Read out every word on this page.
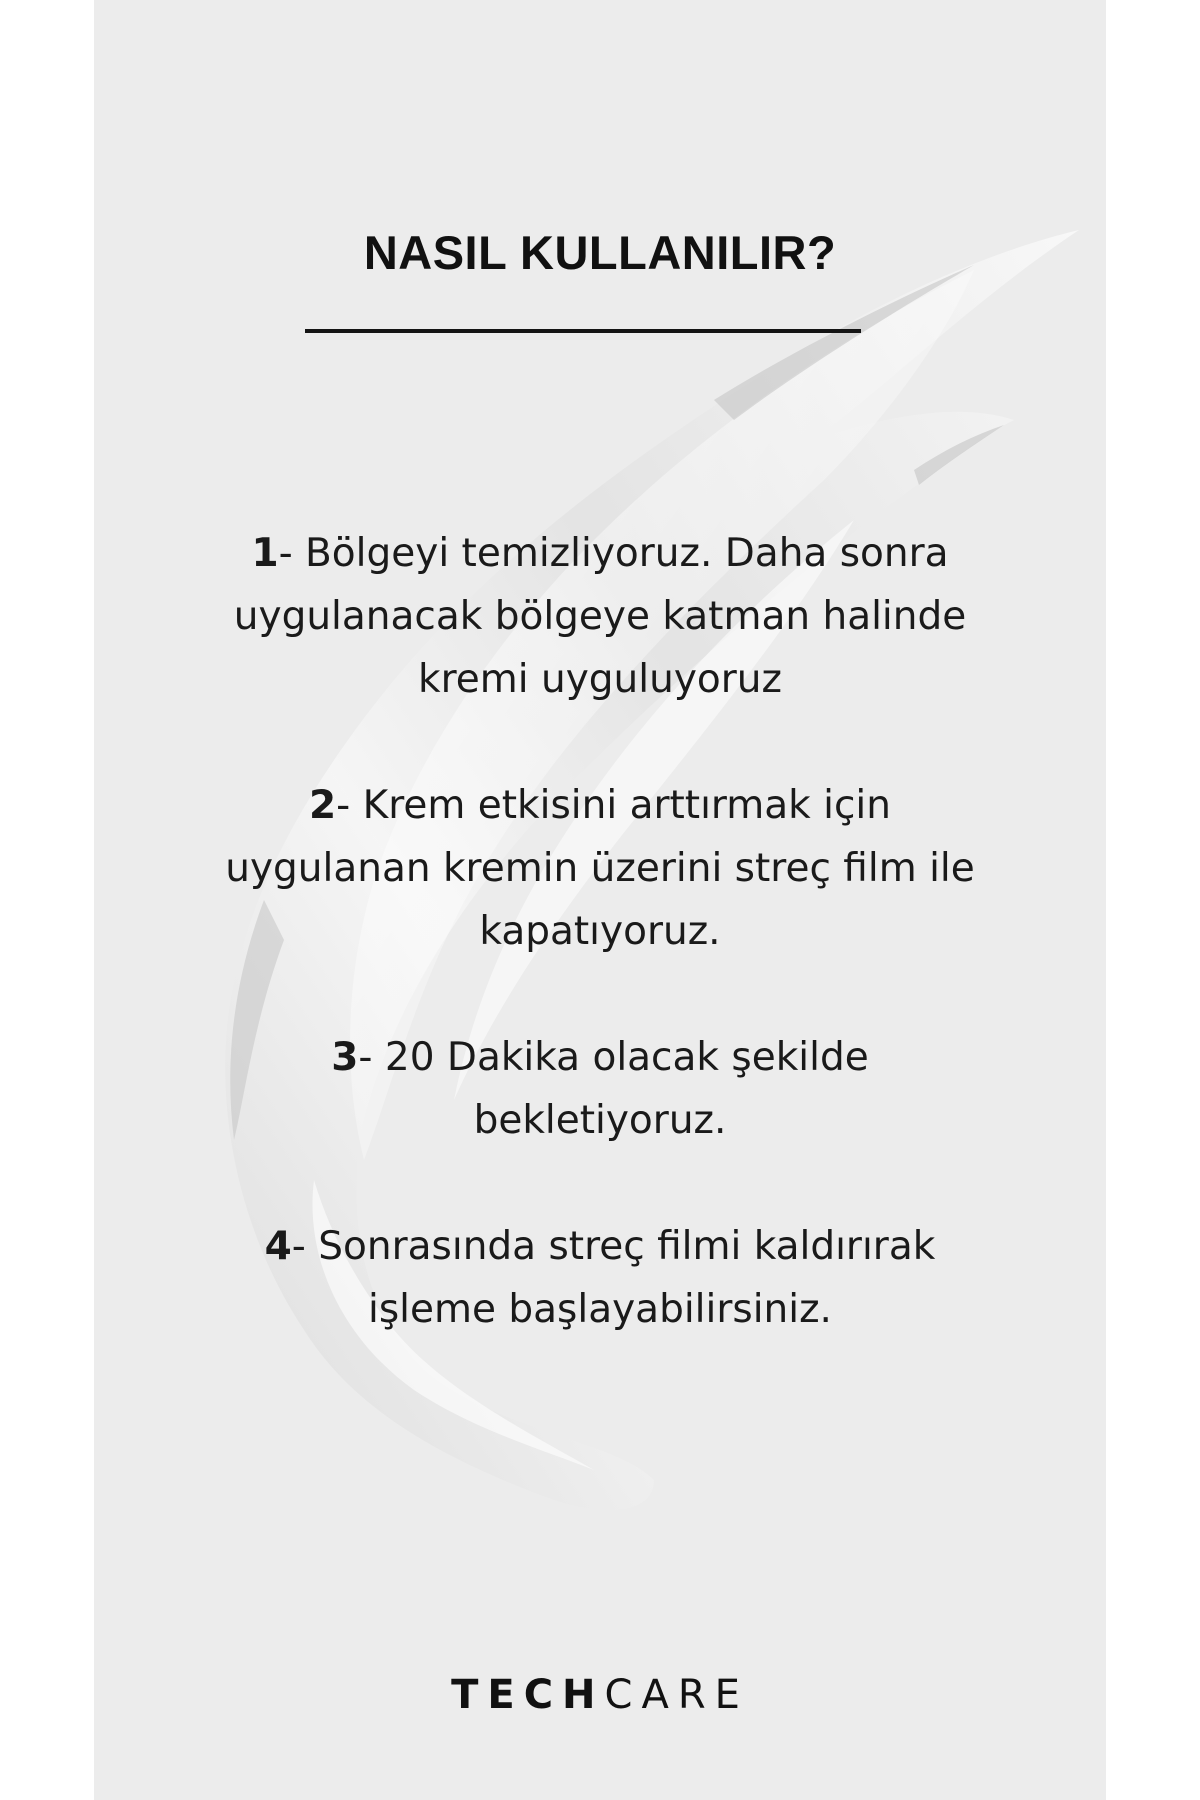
NASIL KULLANILIR?

1- Bölgeyi temizliyoruz. Daha sonra uygulanacak bölgeye katman halinde kremi uyguluyoruz

2- Krem etkisini arttırmak için uygulanan kremin üzerini streç film ile kapatıyoruz.

3- 20 Dakika olacak şekilde bekletiyoruz.

4- Sonrasında streç filmi kaldırırak işleme başlayabilirsiniz.

TECHCARE
